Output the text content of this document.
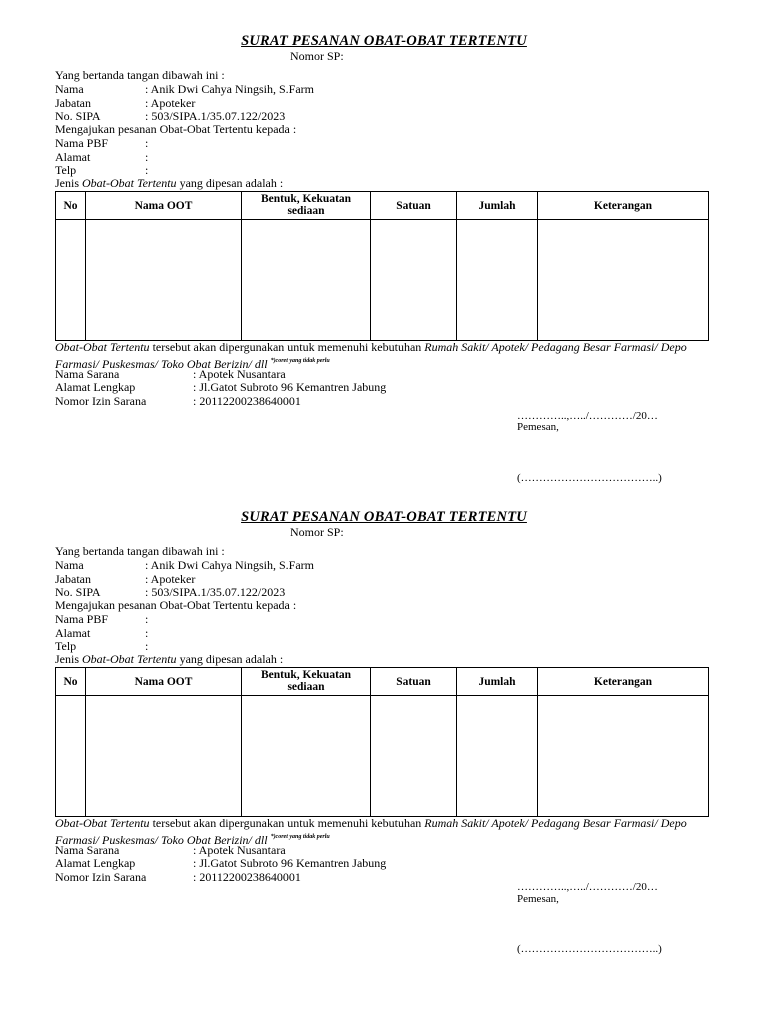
SURAT PESANAN OBAT-OBAT TERTENTU
Nomor SP:
Yang bertanda tangan dibawah ini :
Nama	: Anik Dwi Cahya Ningsih, S.Farm
Jabatan	: Apoteker
No. SIPA	: 503/SIPA.1/35.07.122/2023
Mengajukan pesanan Obat-Obat Tertentu kepada :
Nama PBF	:
Alamat	:
Telp	:
Jenis Obat-Obat Tertentu yang dipesan adalah :
No	Nama OOT	Bentuk, Kekuatan sediaan	Satuan	Jumlah	Keterangan

Obat-Obat Tertentu tersebut akan dipergunakan untuk memenuhi kebutuhan Rumah Sakit/ Apotek/ Pedagang Besar Farmasi/ Depo Farmasi/ Puskesmas/ Toko Obat Berizin/ dll $^{*)coret yang tidak perlu}$
Nama Sarana	: Apotek Nusantara
Alamat Lengkap	: Jl.Gatot Subroto 96 Kemantren Jabung
Nomor Izin Sarana	: 20112200238640001
…………..,…../…………/20…
Pemesan,
(………………………………..)
SURAT PESANAN OBAT-OBAT TERTENTU
Nomor SP:
Yang bertanda tangan dibawah ini :
Nama	: Anik Dwi Cahya Ningsih, S.Farm
Jabatan	: Apoteker
No. SIPA	: 503/SIPA.1/35.07.122/2023
Mengajukan pesanan Obat-Obat Tertentu kepada :
Nama PBF	:
Alamat	:
Telp	:
Jenis Obat-Obat Tertentu yang dipesan adalah :
No	Nama OOT	Bentuk, Kekuatan sediaan	Satuan	Jumlah	Keterangan

Obat-Obat Tertentu tersebut akan dipergunakan untuk memenuhi kebutuhan Rumah Sakit/ Apotek/ Pedagang Besar Farmasi/ Depo Farmasi/ Puskesmas/ Toko Obat Berizin/ dll $^{*)coret yang tidak perlu}$
Nama Sarana	: Apotek Nusantara
Alamat Lengkap	: Jl.Gatot Subroto 96 Kemantren Jabung
Nomor Izin Sarana	: 20112200238640001
…………..,…../…………/20…
Pemesan,
(………………………………..)
